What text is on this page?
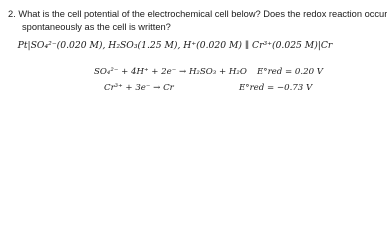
2. What is the cell potential of the electrochemical cell below? Does the redox reaction occur
spontaneously as the cell is written?
Pt|SO₄²⁻(0.020 M), H₂SO₃(1.25 M), H⁺(0.020 M) ∥ Cr³⁺(0.025 M)|Cr
SO₄²⁻ + 4H⁺ + 2e⁻ → H₂SO₃ + H₂O E°red = 0.20 V
Cr³⁺ + 3e⁻ → Cr	E°red = −0.73 V
